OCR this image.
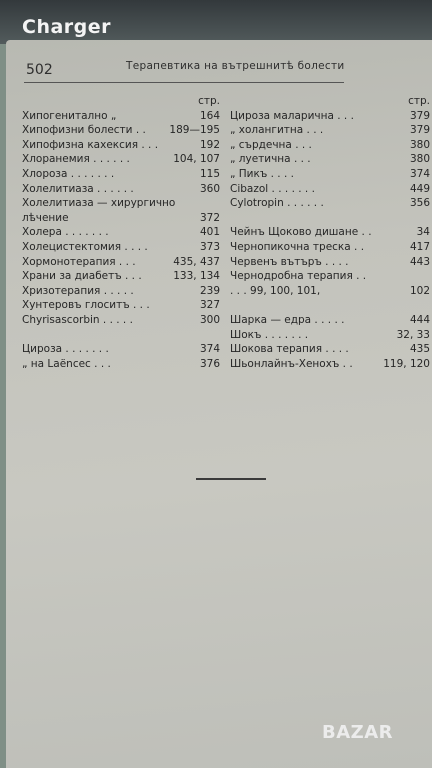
Charger
502	Терапевтика на вътрешнитѣ болести
стр.
Хипогенитално „	164
Хипофизни болести . . 189—195
Хипофизна кахексия . . .	192
Хлоранемия . . . . . .	104, 107
Хлороза . . . . . . .	115
Холелитиаза . . . . . .	360
Холелитиаза — хирургично
лѣчение	372
Холера . . . . . . .	401
Холецистектомия . . . .	373
Хормонотерапия . . .	435, 437
Храни за диабетъ . . .	133, 134
Хризотерапия . . . . .	239
Хунтеровъ глоситъ . . .	327
Chyrisascorbin . . . . .	300
Цироза . . . . . . .	374
„ на Laёnсес . . .	376
стр.
Цироза маларична . . .	379
„ холангитна . . .	379
„ сърдечна . . .	380
„ луетична . . .	380
„ Пикъ . . . .	374
Cibazol . . . . . . .	449
Cylotropin . . . . . .	356
Чейнъ Щоково дишане . .	34
Чернопикочна треска . .	417
Червенъ вътъръ . . . .	443
Чернодробна терапия . .
. . . 99, 100, 101,	102
Шарка — едра . . . . .	444
Шокъ . . . . . . .	32, 33
Шокова терапия . . . .	435
Шьонлайнъ-Хенохъ . .	119, 120
BAZAR
